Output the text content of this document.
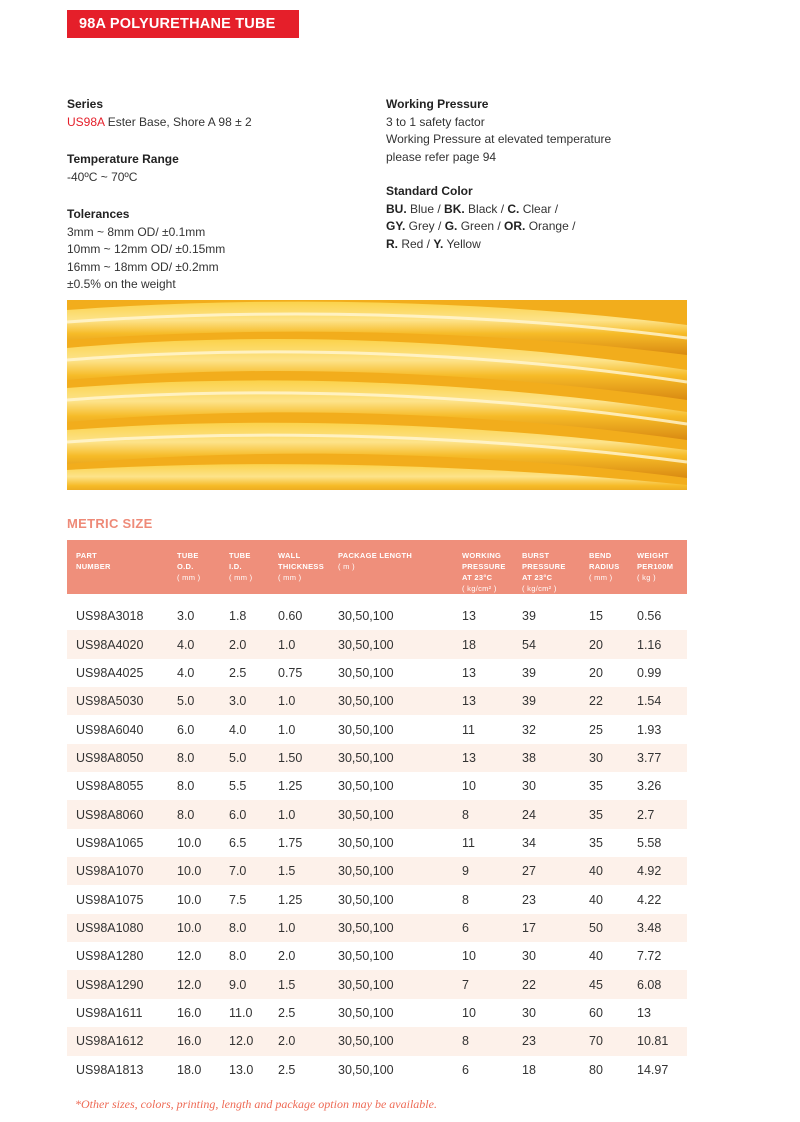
98A POLYURETHANE TUBE
Series
US98A Ester Base, Shore A 98 ± 2
Temperature Range
-40ºC ~ 70ºC
Tolerances
3mm ~ 8mm OD/ ±0.1mm
10mm ~ 12mm OD/ ±0.15mm
16mm ~ 18mm OD/ ±0.2mm
±0.5% on the weight
Working Pressure
3 to 1 safety factor
Working Pressure at elevated temperature
please refer page 94
Standard Color
BU. Blue / BK. Black / C. Clear /
GY. Grey / G. Green / OR. Orange /
R. Red / Y. Yellow
METRIC SIZE
PART
NUMBER	TUBE
O.D.
( mm )	TUBE
I.D.
( mm )	WALL
THICKNESS
( mm )	PACKAGE LENGTH
( m )	WORKING
PRESSURE
AT 23°C
( kg/cm² )	BURST
PRESSURE
AT 23°C
( kg/cm² )	BEND
RADIUS
( mm )	WEIGHT
PER100M
( kg )

US98A3018	3.0	1.8	0.60	30,50,100	13	39	15	0.56
US98A4020	4.0	2.0	1.0	30,50,100	18	54	20	1.16
US98A4025	4.0	2.5	0.75	30,50,100	13	39	20	0.99
US98A5030	5.0	3.0	1.0	30,50,100	13	39	22	1.54
US98A6040	6.0	4.0	1.0	30,50,100	11	32	25	1.93
US98A8050	8.0	5.0	1.50	30,50,100	13	38	30	3.77
US98A8055	8.0	5.5	1.25	30,50,100	10	30	35	3.26
US98A8060	8.0	6.0	1.0	30,50,100	8	24	35	2.7
US98A1065	10.0	6.5	1.75	30,50,100	11	34	35	5.58
US98A1070	10.0	7.0	1.5	30,50,100	9	27	40	4.92
US98A1075	10.0	7.5	1.25	30,50,100	8	23	40	4.22
US98A1080	10.0	8.0	1.0	30,50,100	6	17	50	3.48
US98A1280	12.0	8.0	2.0	30,50,100	10	30	40	7.72
US98A1290	12.0	9.0	1.5	30,50,100	7	22	45	6.08
US98A1611	16.0	11.0	2.5	30,50,100	10	30	60	13
US98A1612	16.0	12.0	2.0	30,50,100	8	23	70	10.81
US98A1813	18.0	13.0	2.5	30,50,100	6	18	80	14.97
*Other sizes, colors, printing, length and package option may be available.
